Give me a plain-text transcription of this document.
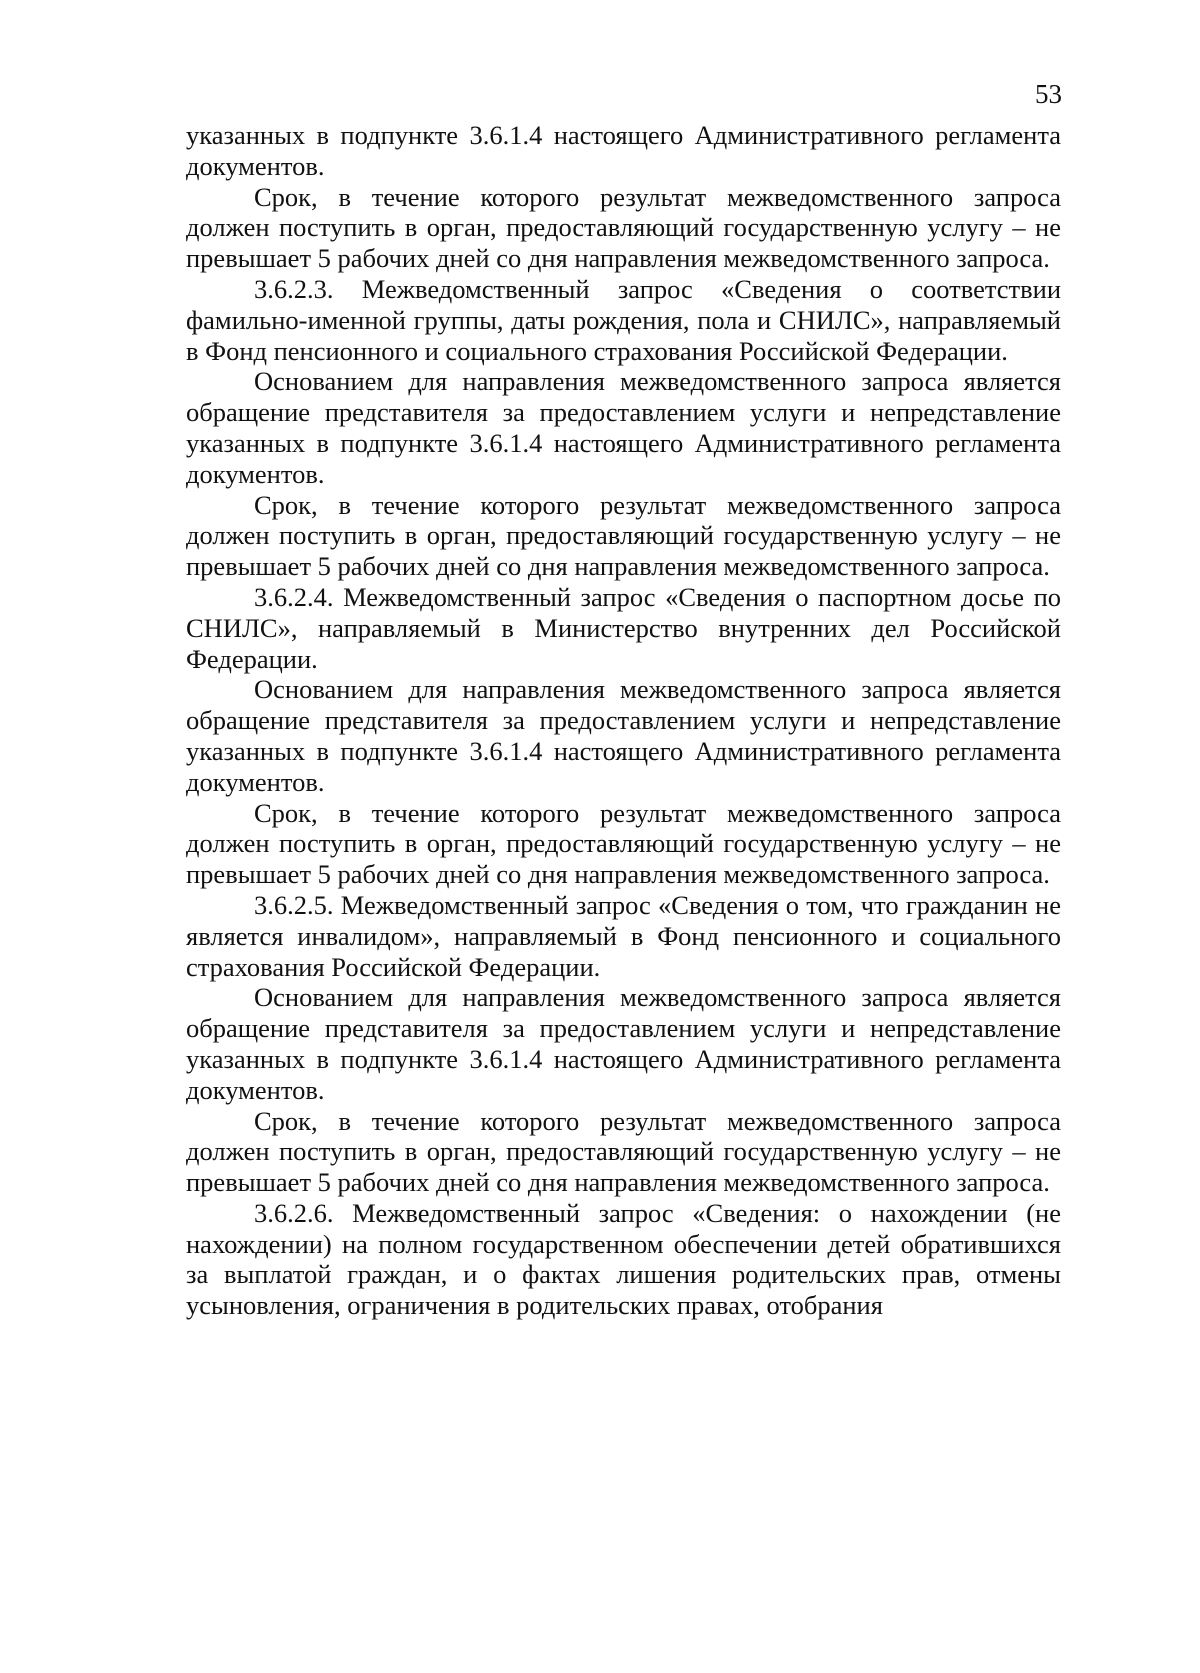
53

указанных в подпункте 3.6.1.4 настоящего Административного регламента документов.

Срок, в течение которого результат межведомственного запроса должен поступить в орган, предоставляющий государственную услугу – не превышает 5 рабочих дней со дня направления межведомственного запроса.

3.6.2.3. Межведомственный запрос «Сведения о соответствии фамильно-именной группы, даты рождения, пола и СНИЛС», направляемый в Фонд пенсионного и социального страхования Российской Федерации.

Основанием для направления межведомственного запроса является обращение представителя за предоставлением услуги и непредставление указанных в подпункте 3.6.1.4 настоящего Административного регламента документов.

Срок, в течение которого результат межведомственного запроса должен поступить в орган, предоставляющий государственную услугу – не превышает 5 рабочих дней со дня направления межведомственного запроса.

3.6.2.4. Межведомственный запрос «Сведения о паспортном досье по СНИЛС», направляемый в Министерство внутренних дел Российской Федерации.

Основанием для направления межведомственного запроса является обращение представителя за предоставлением услуги и непредставление указанных в подпункте 3.6.1.4 настоящего Административного регламента документов.

Срок, в течение которого результат межведомственного запроса должен поступить в орган, предоставляющий государственную услугу – не превышает 5 рабочих дней со дня направления межведомственного запроса.

3.6.2.5. Межведомственный запрос «Сведения о том, что гражданин не является инвалидом», направляемый в Фонд пенсионного и социального страхования Российской Федерации.

Основанием для направления межведомственного запроса является обращение представителя за предоставлением услуги и непредставление указанных в подпункте 3.6.1.4 настоящего Административного регламента документов.

Срок, в течение которого результат межведомственного запроса должен поступить в орган, предоставляющий государственную услугу – не превышает 5 рабочих дней со дня направления межведомственного запроса.

3.6.2.6. Межведомственный запрос «Сведения: о нахождении (не нахождении) на полном государственном обеспечении детей обратившихся за выплатой граждан, и о фактах лишения родительских прав, отмены усыновления, ограничения в родительских правах, отобрания
